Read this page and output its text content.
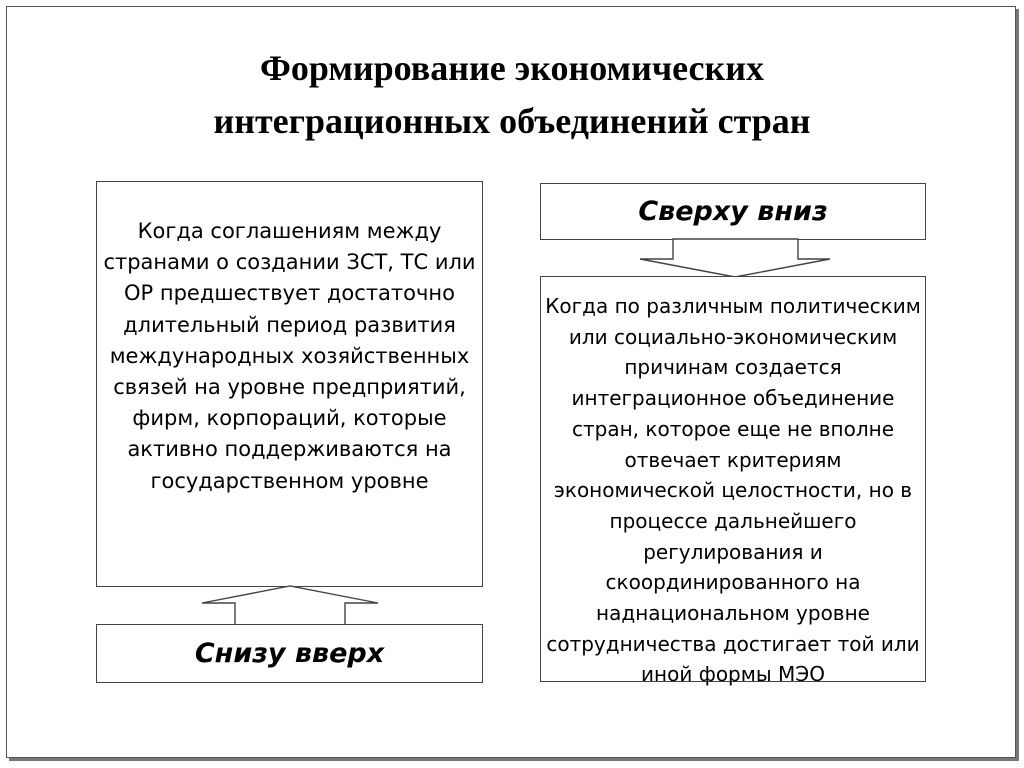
Формирование экономических
интеграционных объединений стран

Когда соглашениям между странами о создании ЗСТ, ТС или ОР предшествует достаточно длительный период развития международных хозяйственных связей на уровне предприятий, фирм, корпораций, которые активно поддерживаются на государственном уровне

Снизу вверх
Сверху вниз

Когда по различным политическим или социально-экономическим причинам создается интеграционное объединение стран, которое еще не вполне отвечает критериям экономической целостности, но в процессе дальнейшего регулирования и скоординированного на наднациональном уровне сотрудничества достигает той или иной формы МЭО
